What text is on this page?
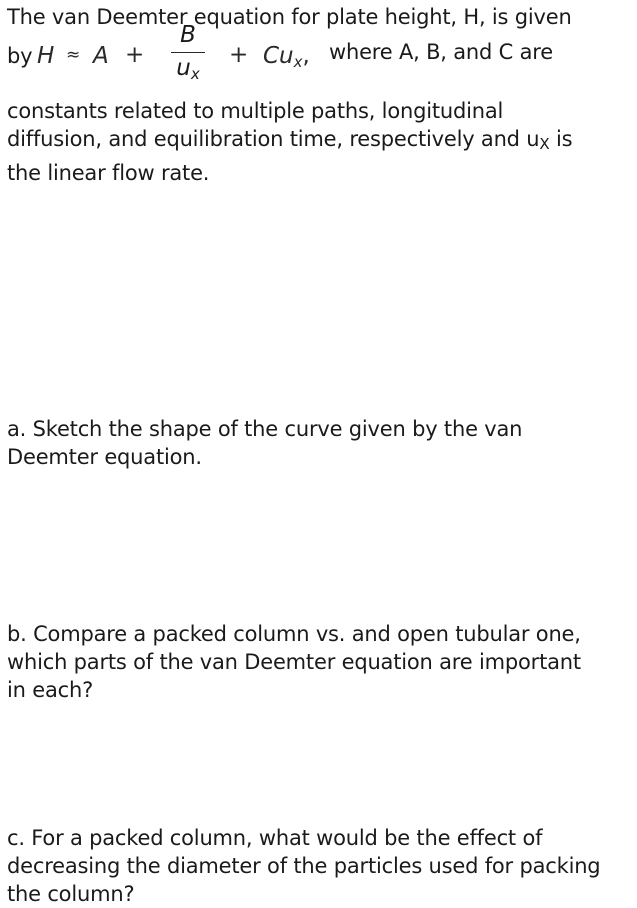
The van Deemter equation for plate height, H, is given
by H ≈ A +
B
ux
+ Cux, where A, B, and C are
constants related to multiple paths, longitudinal
diffusion, and equilibration time, respectively and uX is
the linear flow rate.
a. Sketch the shape of the curve given by the van
Deemter equation.
b. Compare a packed column vs. and open tubular one,
which parts of the van Deemter equation are important
in each?
c. For a packed column, what would be the effect of
decreasing the diameter of the particles used for packing
the column?
